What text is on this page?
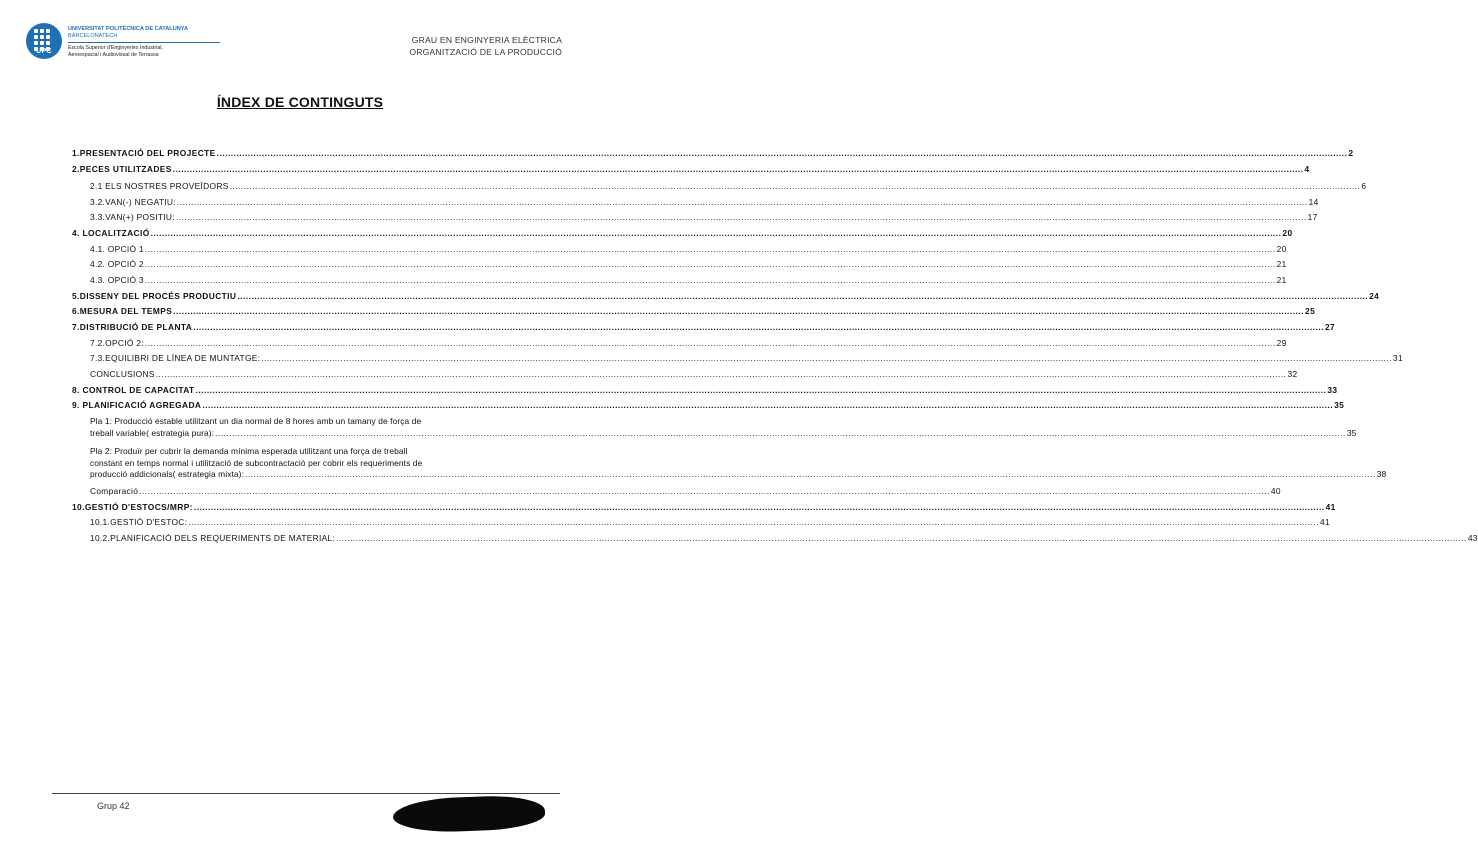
UPC
UNIVERSITAT POLITÈCNICA DE CATALUNYA
BARCELONATECH
Escola Superior d'Enginyeries Industrial,
Aeroespacial i Audiovisual de Terrassa
GRAU EN ENGINYERIA ELÈCTRICA
ORGANITZACIÓ DE LA PRODUCCIÓ
ÍNDEX DE CONTINGUTS
1.PRESENTACIÓ DEL PROJECTE ................................................................................................................................................................................................................................................................................................................................................................................................................ 2
2.PECES UTILITZADES ................................................................................................................................................................................................................................................................................................................................................................................................................ 4
2.1 ELS NOSTRES PROVEÏDORS ................................................................................................................................................................................................................................................................................................................................................................................................................ 6
3.2.VAN(-) NEGATIU: ................................................................................................................................................................................................................................................................................................................................................................................................................ 14
3.3.VAN(+) POSITIU: ................................................................................................................................................................................................................................................................................................................................................................................................................ 17
4. LOCALITZACIÓ ................................................................................................................................................................................................................................................................................................................................................................................................................ 20
4.1. OPCIÓ 1 ................................................................................................................................................................................................................................................................................................................................................................................................................ 20
4.2. OPCIÓ 2 ................................................................................................................................................................................................................................................................................................................................................................................................................ 21
4.3. OPCIÓ 3 ................................................................................................................................................................................................................................................................................................................................................................................................................ 21
5.DISSENY DEL PROCÉS PRODUCTIU ................................................................................................................................................................................................................................................................................................................................................................................................................ 24
6.MESURA DEL TEMPS ................................................................................................................................................................................................................................................................................................................................................................................................................ 25
7.DISTRIBUCIÓ DE PLANTA ................................................................................................................................................................................................................................................................................................................................................................................................................ 27
7.2.OPCIÓ 2: ................................................................................................................................................................................................................................................................................................................................................................................................................ 29
7.3.EQUILIBRI DE LÍNEA DE MUNTATGE: ................................................................................................................................................................................................................................................................................................................................................................................................................ 31
CONCLUSIONS ................................................................................................................................................................................................................................................................................................................................................................................................................ 32
8. CONTROL DE CAPACITAT ................................................................................................................................................................................................................................................................................................................................................................................................................ 33
9. PLANIFICACIÓ AGREGADA ................................................................................................................................................................................................................................................................................................................................................................................................................ 35
Pla 1: Producció estable utilitzant un dia normal de 8 hores amb un tamany de força de
treball variable( estrategia pura): ................................................................................................................................................................................................................................................................................................................................................................................................................ 35
Pla 2: Produïr per cubrir la demanda mínima esperada utilitzant una força de treball
constant en temps normal i utilització de subcontractació per cobrir els requeriments de
producció addicionals( estrategia mixta): ................................................................................................................................................................................................................................................................................................................................................................................................................ 38
Comparació ................................................................................................................................................................................................................................................................................................................................................................................................................ 40
10.GESTIÓ D'ESTOCS/MRP: ................................................................................................................................................................................................................................................................................................................................................................................................................ 41
10.1.GESTIÓ D'ESTOC: ................................................................................................................................................................................................................................................................................................................................................................................................................ 41
10.2.PLANIFICACIÓ DELS REQUERIMENTS DE MATERIAL: ................................................................................................................................................................................................................................................................................................................................................................................................................ 43
Grup 42
